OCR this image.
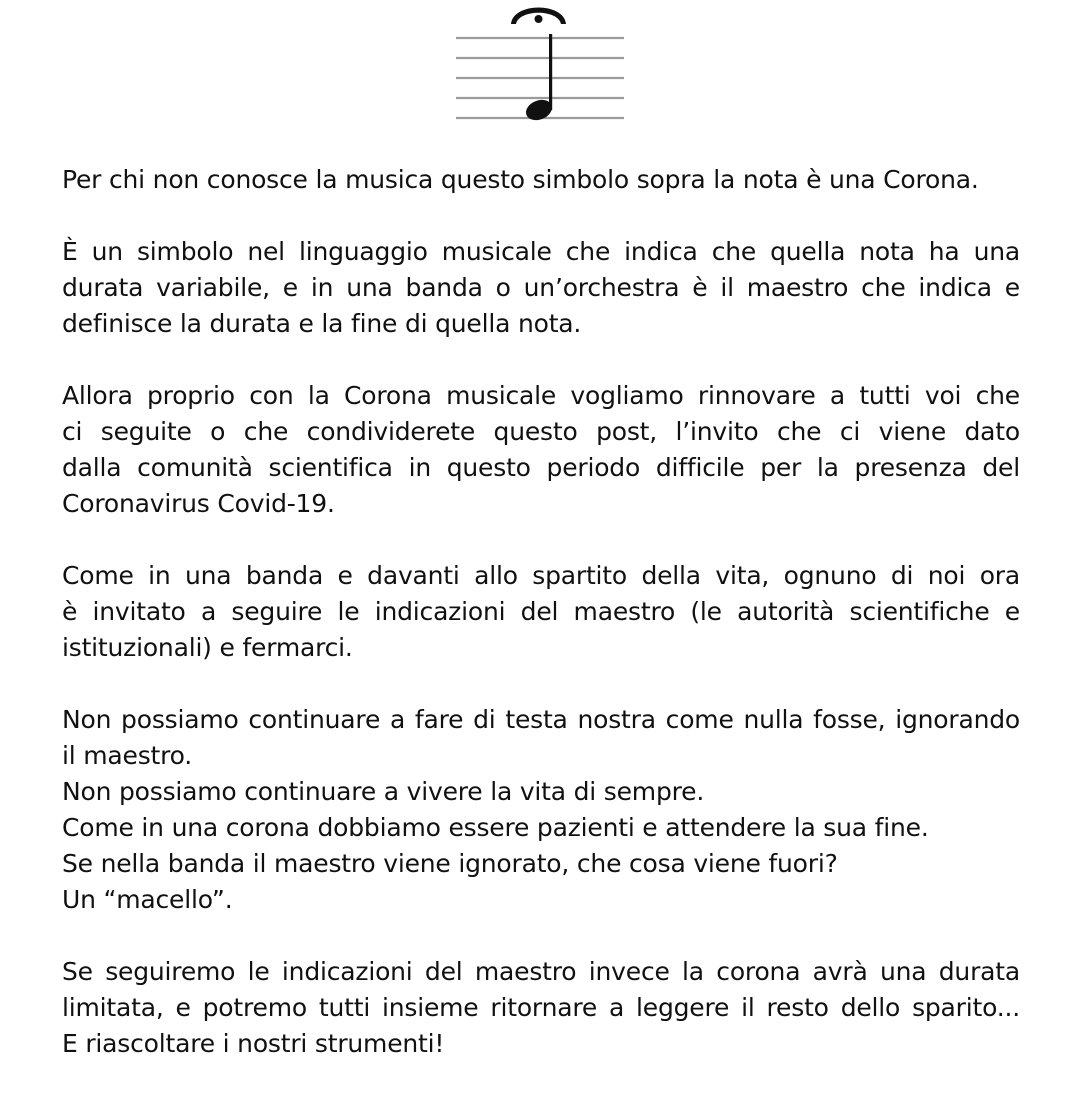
Per chi non conosce la musica questo simbolo sopra la nota è una Corona.

È un simbolo nel linguaggio musicale che indica che quella nota ha una
durata variabile, e in una banda o un’orchestra è il maestro che indica e
definisce la durata e la fine di quella nota.

Allora proprio con la Corona musicale vogliamo rinnovare a tutti voi che
ci seguite o che condividerete questo post, l’invito che ci viene dato
dalla comunità scientifica in questo periodo difficile per la presenza del
Coronavirus Covid-19.

Come in una banda e davanti allo spartito della vita, ognuno di noi ora
è invitato a seguire le indicazioni del maestro (le autorità scientifiche e
istituzionali) e fermarci.

Non possiamo continuare a fare di testa nostra come nulla fosse, ignorando
il maestro.
Non possiamo continuare a vivere la vita di sempre.
Come in una corona dobbiamo essere pazienti e attendere la sua fine.
Se nella banda il maestro viene ignorato, che cosa viene fuori?
Un “macello”.

Se seguiremo le indicazioni del maestro invece la corona avrà una durata
limitata, e potremo tutti insieme ritornare a leggere il resto dello sparito...
E riascoltare i nostri strumenti!
